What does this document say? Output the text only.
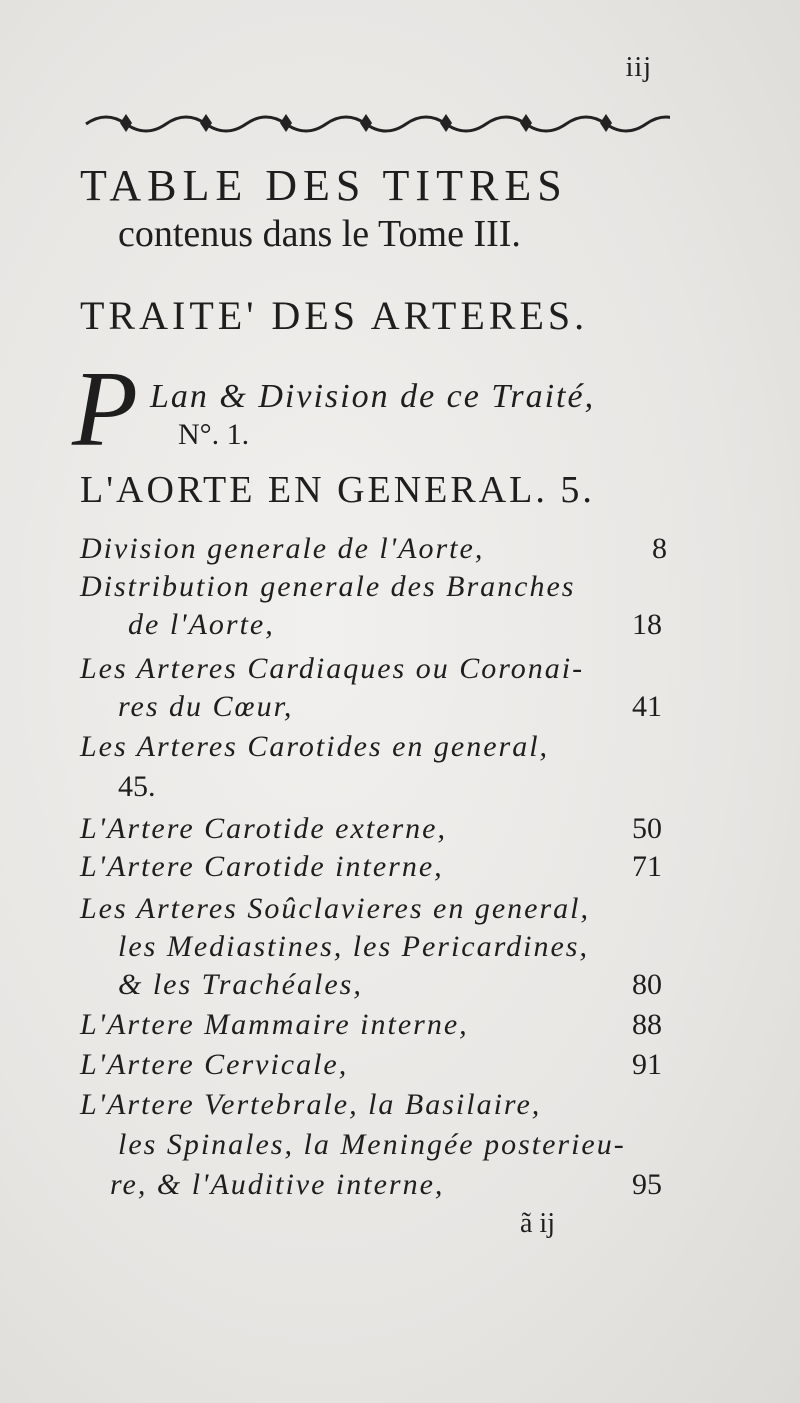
iij
TABLE DES TITRES
contenus dans le Tome III.
TRAITE' DES ARTERES.
P Lan & Division de ce Traité,
N°. 1.
L'AORTE EN GENERAL. 5.
Division generale de l'Aorte,	8
Distribution generale des Branches
de l'Aorte,	18
Les Arteres Cardiaques ou Coronai-
res du Cœur,	41
Les Arteres Carotides en general,
45.
L'Artere Carotide externe,	50
L'Artere Carotide interne,	71
Les Arteres Soûclavieres en general,
les Mediastines, les Pericardines,
& les Trachéales,	80
L'Artere Mammaire interne,	88
L'Artere Cervicale,	91
L'Artere Vertebrale, la Basilaire,
les Spinales, la Meningée posterieu-
re, & l'Auditive interne,	95
ã ij
